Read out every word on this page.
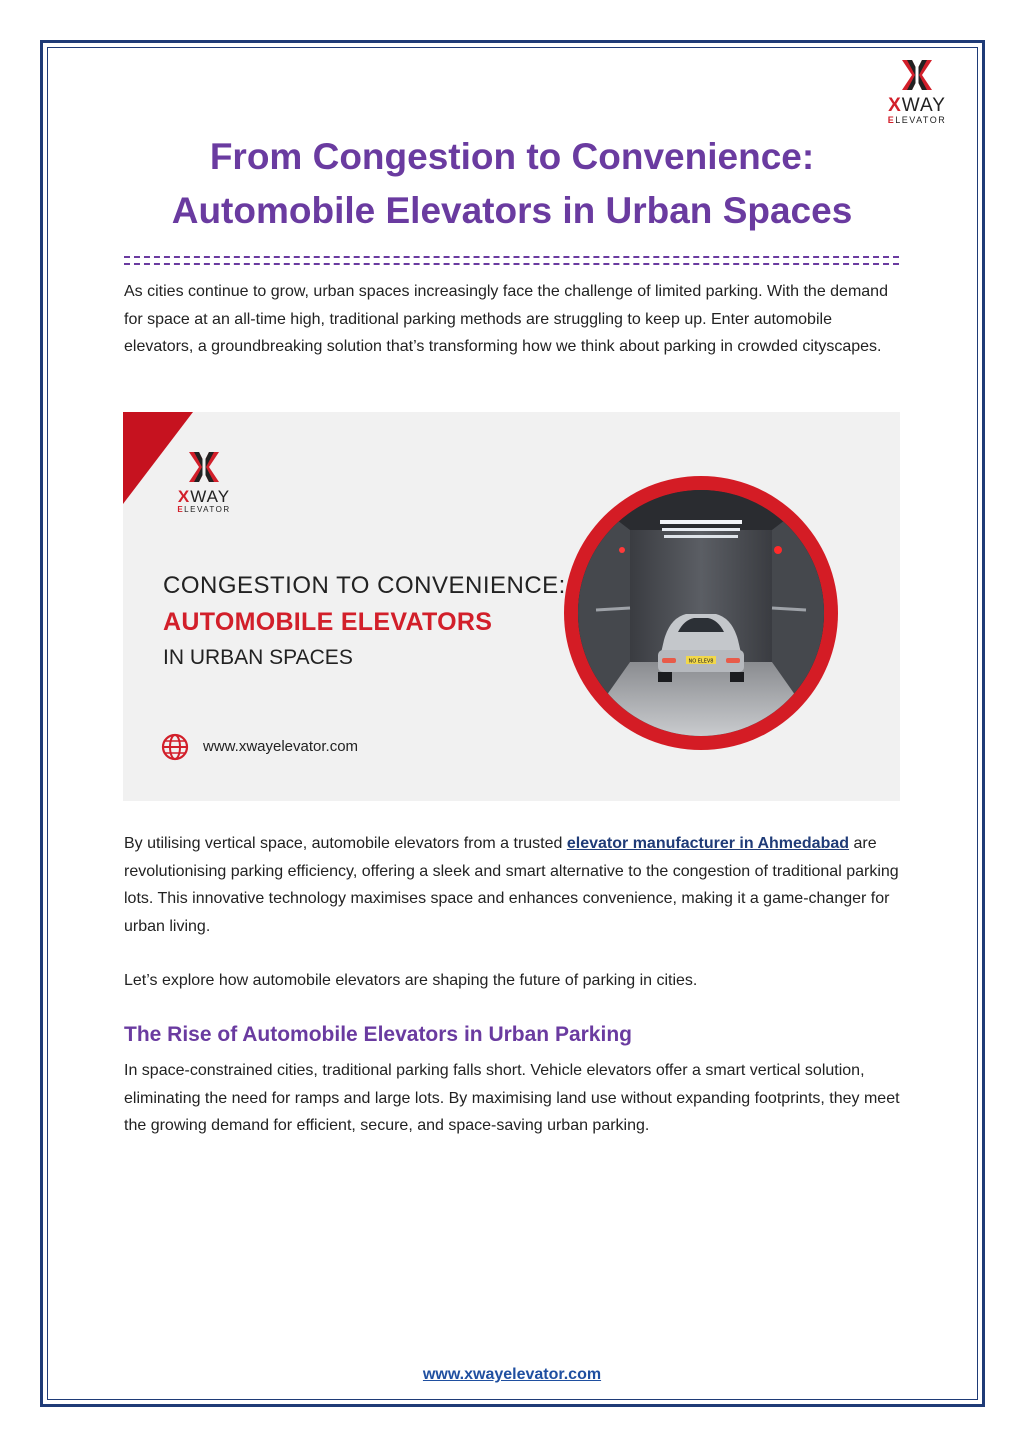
XWAY
ELEVATOR
From Congestion to Convenience:
Automobile Elevators in Urban Spaces
As cities continue to grow, urban spaces increasingly face the challenge of limited parking. With the demand for space at an all-time high, traditional parking methods are struggling to keep up. Enter automobile elevators, a groundbreaking solution that’s transforming how we think about parking in crowded cityscapes.
XWAY
ELEVATOR
CONGESTION TO CONVENIENCE:
AUTOMOBILE ELEVATORS
IN URBAN SPACES
www.xwayelevator.com
NO ELEV8
By utilising vertical space, automobile elevators from a trusted elevator manufacturer in Ahmedabad are revolutionising parking efficiency, offering a sleek and smart alternative to the congestion of traditional parking lots. This innovative technology maximises space and enhances convenience, making it a game-changer for urban living.
Let’s explore how automobile elevators are shaping the future of parking in cities.
The Rise of Automobile Elevators in Urban Parking
In space-constrained cities, traditional parking falls short. Vehicle elevators offer a smart vertical solution, eliminating the need for ramps and large lots. By maximising land use without expanding footprints, they meet the growing demand for efficient, secure, and space-saving urban parking.
www.xwayelevator.com
